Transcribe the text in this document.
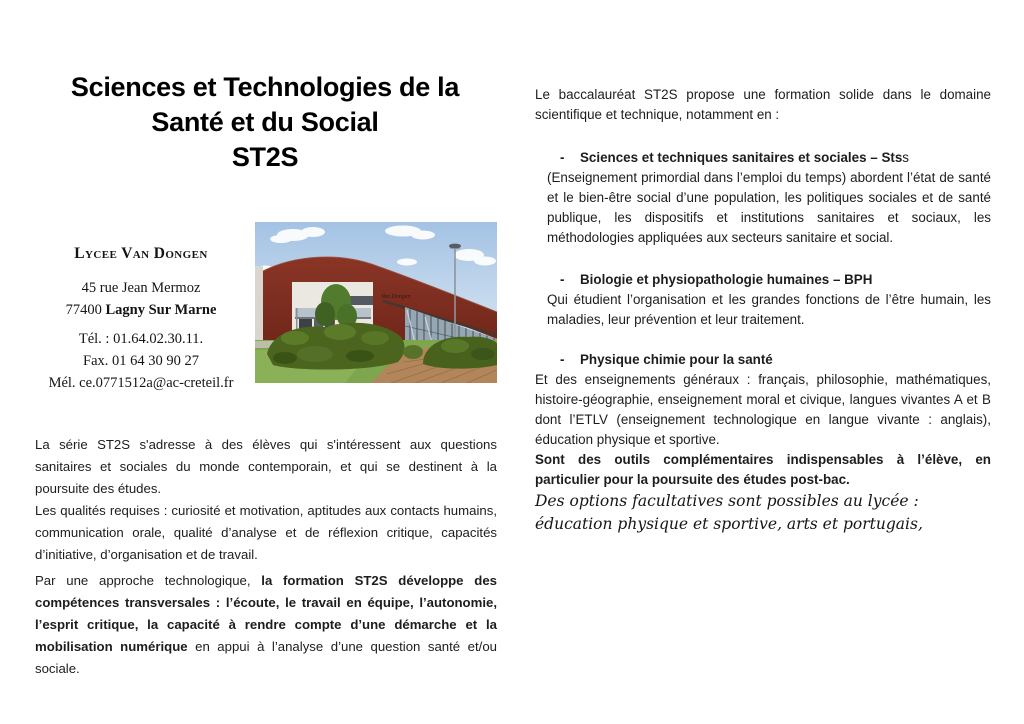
Sciences et Technologies de la
Santé et du Social
ST2S
Lycee Van Dongen
45 rue Jean Mermoz
77400 Lagny Sur Marne
Tél. : 01.64.02.30.11.
Fax. 01 64 30 90 27
Mél. ce.0771512a@ac-creteil.fr
Van Dongen

La série ST2S s'adresse à des élèves qui s'intéressent aux questions sanitaires et sociales du monde contemporain, et qui se destinent à la poursuite des études.

Les qualités requises : curiosité et motivation, aptitudes aux contacts humains, communication orale, qualité d’analyse et de réflexion critique, capacités d’initiative, d’organisation et de travail.

Par une approche technologique, la formation ST2S développe des compétences transversales : l’écoute, le travail en équipe, l’autonomie, l’esprit critique, la capacité à rendre compte d’une démarche et la mobilisation numérique en appui à l’analyse d’une question santé et/ou sociale.

Le baccalauréat ST2S propose une formation solide dans le domaine scientifique et technique, notamment en :

- Sciences et techniques sanitaires et sociales – Stss

(Enseignement primordial dans l’emploi du temps) abordent l’état de santé et le bien-être social d’une population, les politiques sociales et de santé publique, les dispositifs et institutions sanitaires et sociaux, les méthodologies appliquées aux secteurs sanitaire et social.

- Biologie et physiopathologie humaines – BPH

Qui étudient l’organisation et les grandes fonctions de l’être humain, les maladies, leur prévention et leur traitement.

- Physique chimie pour la santé

Et des enseignements généraux : français, philosophie, mathématiques, histoire-géographie, enseignement moral et civique, langues vivantes A et B dont l’ETLV (enseignement technologique en langue vivante : anglais), éducation physique et sportive.

Sont des outils complémentaires indispensables à l’élève, en particulier pour la poursuite des études post-bac.

Des options facultatives sont possibles au lycée : éducation physique et sportive, arts et portugais,
